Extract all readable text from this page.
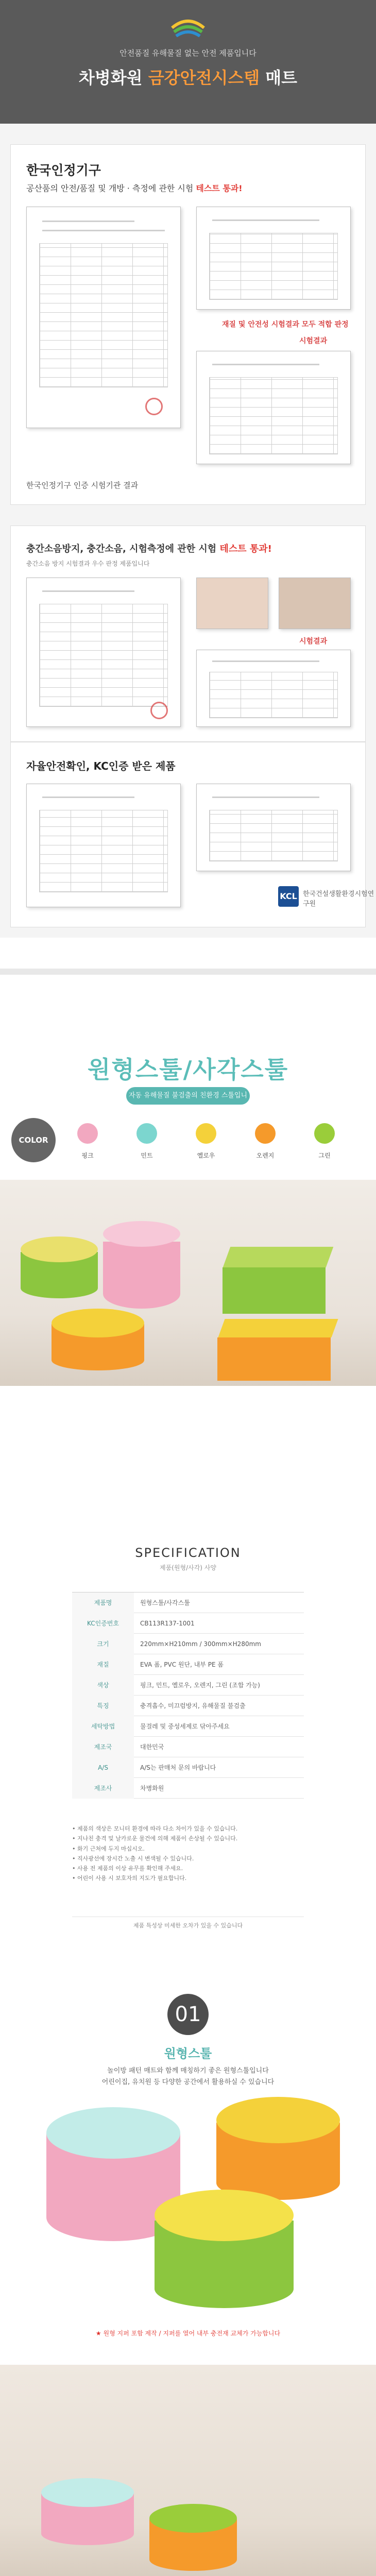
안전품질 유해물질 없는 안전 제품입니다
차병화원 금강안전시스템 매트
한국인정기구
공산품의 안전/품질 및 개방 · 측정에 관한 시험 테스트 통과!
재질 및 안전성 시험결과 모두 적합 판정
시험결과
한국인정기구 인증 시험기관 결과
충간소음방지, 충간소음, 시험측정에 관한 시험 테스트 통과!
충간소음 방지 시험결과 우수 판정 제품입니다
시험결과
자율안전확인, KC인증 받은 제품
KCL 한국건설생활환경시험연구원
원형스툴/사각스툴
자동 유해물질 불검출의 친환경 스툴입니다
COLOR
핑크	민트	옐로우	오렌지	그린
SPECIFICATION
제품(원형/사각) 사양
제품명	원형스툴/사각스툴
KC인증번호	CB113R137-1001
크기	220mm×H210mm / 300mm×H280mm
재질	EVA 폼, PVC 원단, 내부 PE 폼
색상	핑크, 민트, 옐로우, 오렌지, 그린 (조합 가능)
특징	충격흡수, 미끄럼방지, 유해물질 불검출
세탁방법	물걸레 및 중성세제로 닦아주세요
제조국	대한민국
A/S	A/S는 판매처 문의 바랍니다
제조사	차병화원
• 제품의 색상은 모니터 환경에 따라 다소 차이가 있을 수 있습니다.
• 지나친 충격 및 날카로운 물건에 의해 제품이 손상될 수 있습니다.
• 화기 근처에 두지 마십시오.
• 직사광선에 장시간 노출 시 변색될 수 있습니다.
• 사용 전 제품의 이상 유무를 확인해 주세요.
• 어린이 사용 시 보호자의 지도가 필요합니다.
제품 특성상 미세한 오차가 있을 수 있습니다
01
원형스툴
놀이방 패턴 매트와 함께 매칭하기 좋은 원형스툴입니다
어린이집, 유치원 등 다양한 공간에서 활용하실 수 있습니다
★ 원형 지퍼 포함 제작 / 지퍼를 열어 내부 충전재 교체가 가능합니다
